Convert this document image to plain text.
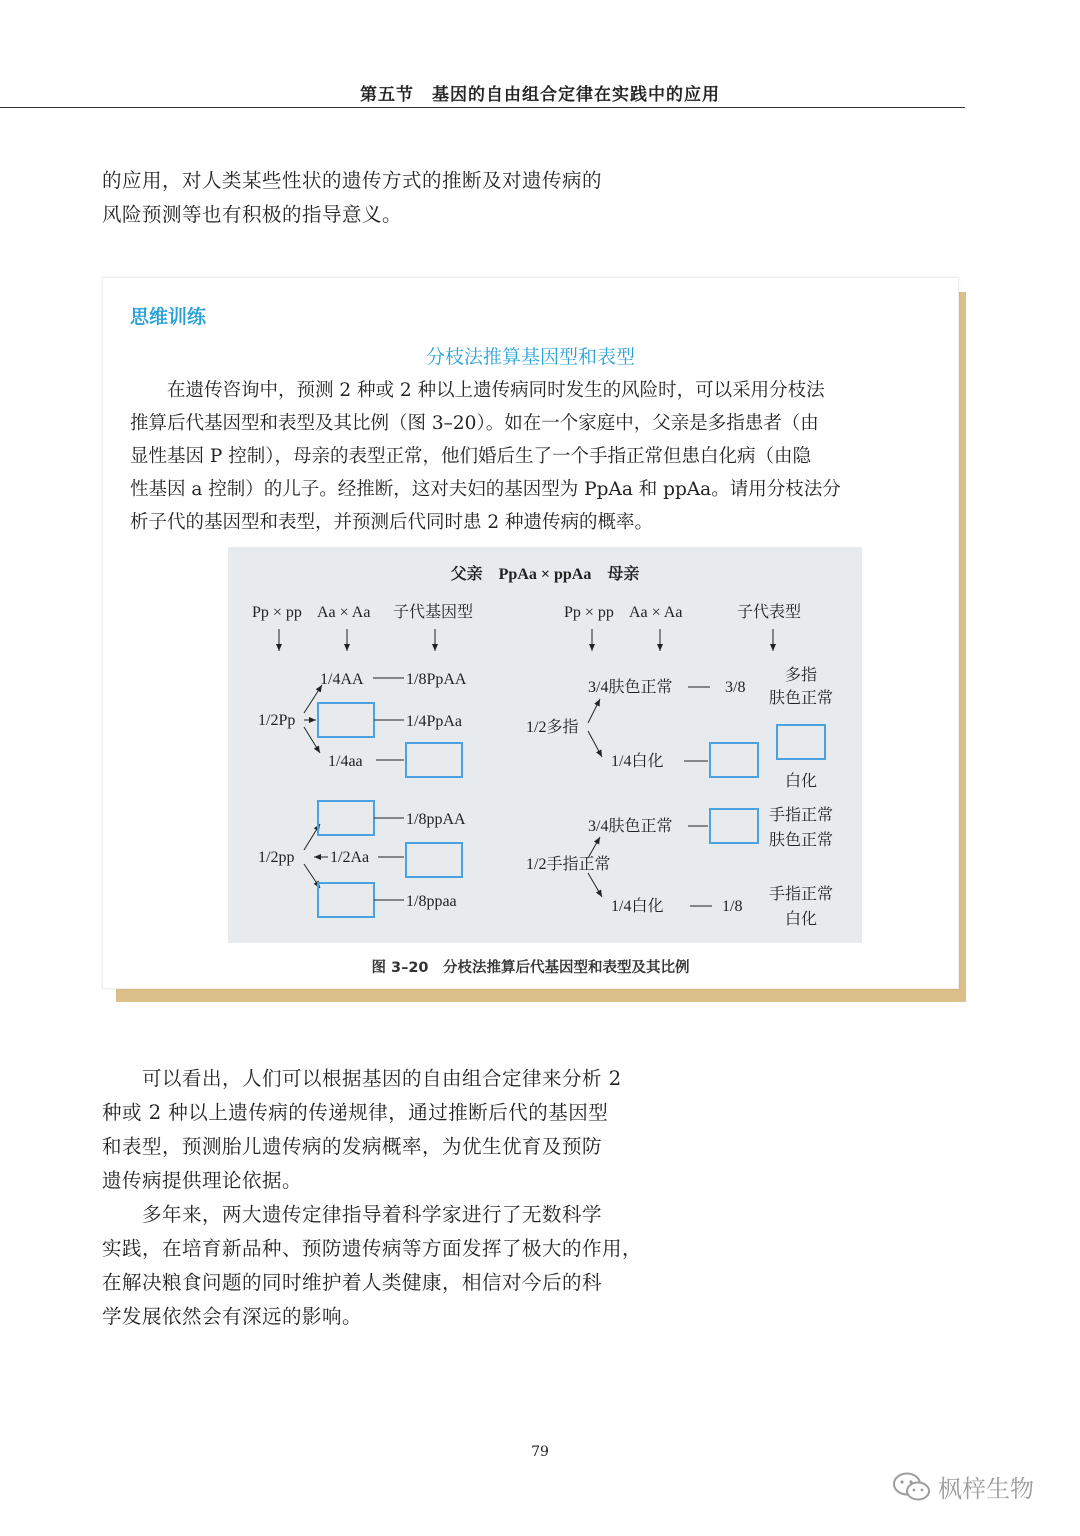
第五节　基因的自由组合定律在实践中的应用

的应用，对人类某些性状的遗传方式的推断及对遗传病的
风险预测等也有积极的指导意义。

思维训练
分枝法推算基因型和表型
　　在遗传咨询中，预测 2 种或 2 种以上遗传病同时发生的风险时，可以采用分枝法
推算后代基因型和表型及其比例（图 3–20）。如在一个家庭中，父亲是多指患者（由
显性基因 P 控制），母亲的表型正常，他们婚后生了一个手指正常但患白化病（由隐
性基因 a 控制）的儿子。经推断，这对夫妇的基因型为 PpAa 和 ppAa。请用分枝法分
析子代的基因型和表型，并预测后代同时患 2 种遗传病的概率。
父亲　PpAa × ppAa　母亲
Pp × pp Aa × Aa 子代基因型
1/2Pp
1/4AA	1/8PpAA
1/4PpAa
1/4aa
1/2pp
1/8ppAA
1/2Aa
1/8ppaa
Pp × pp Aa × Aa	子代表型
1/2多指
3/4肤色正常	3/8
多指
肤色正常
1/4白化
白化
1/2手指正常
3/4肤色正常
手指正常
肤色正常
1/4白化	1/8
手指正常
白化
图 3–20　分枝法推算后代基因型和表型及其比例

　　可以看出，人们可以根据基因的自由组合定律来分析 2
种或 2 种以上遗传病的传递规律，通过推断后代的基因型
和表型，预测胎儿遗传病的发病概率，为优生优育及预防
遗传病提供理论依据。

　　多年来，两大遗传定律指导着科学家进行了无数科学
实践，在培育新品种、预防遗传病等方面发挥了极大的作用，
在解决粮食问题的同时维护着人类健康，相信对今后的科
学发展依然会有深远的影响。

79
枫梓生物
